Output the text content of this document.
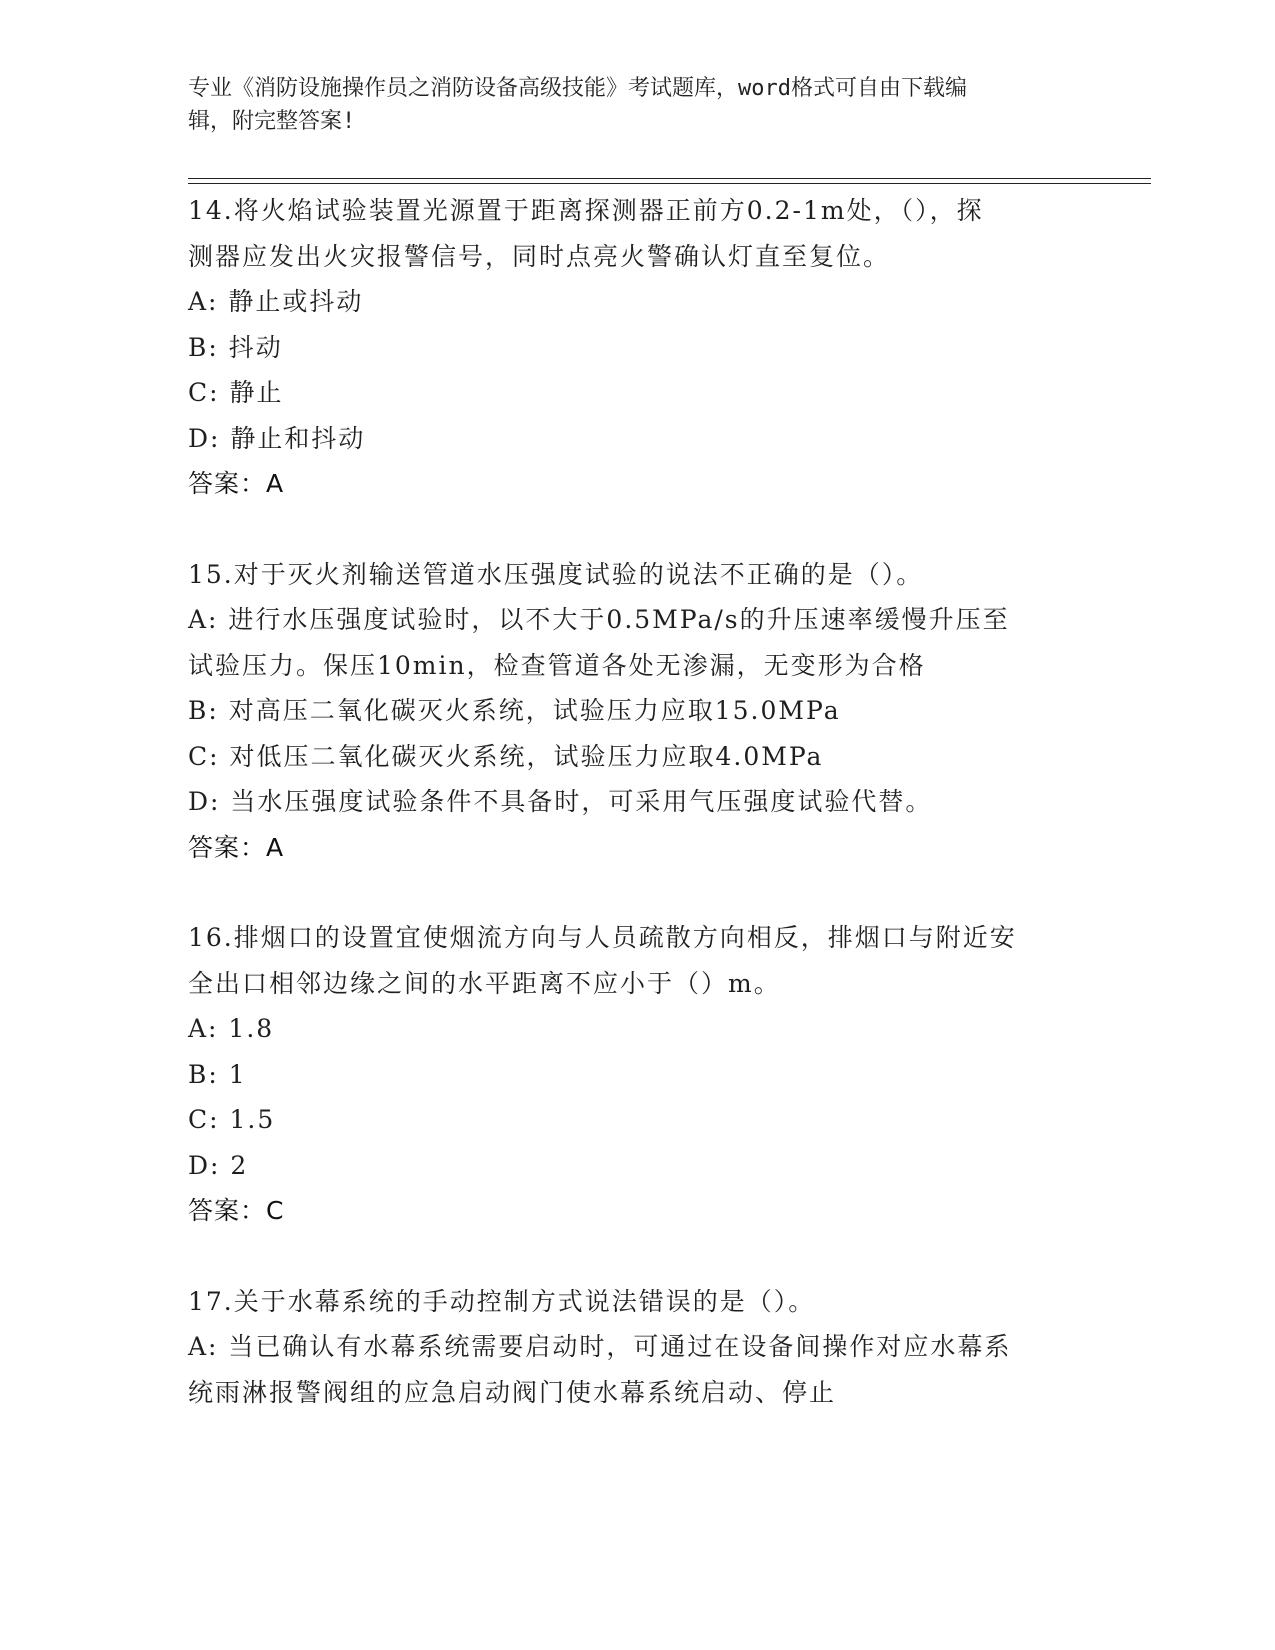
专业《消防设施操作员之消防设备高级技能》考试题库，word格式可自由下载编
辑，附完整答案!
14.将火焰试验装置光源置于距离探测器正前方0.2-1m处，（），探
测器应发出火灾报警信号，同时点亮火警确认灯直至复位。
A: 静止或抖动
B: 抖动
C: 静止
D: 静止和抖动
答案：A
15.对于灭火剂输送管道水压强度试验的说法不正确的是（）。
A: 进行水压强度试验时，以不大于0.5MPa/s的升压速率缓慢升压至
试验压力。保压10min，检查管道各处无渗漏，无变形为合格
B: 对高压二氧化碳灭火系统，试验压力应取15.0MPa
C: 对低压二氧化碳灭火系统，试验压力应取4.0MPa
D: 当水压强度试验条件不具备时，可采用气压强度试验代替。
答案：A
16.排烟口的设置宜使烟流方向与人员疏散方向相反，排烟口与附近安
全出口相邻边缘之间的水平距离不应小于（）m。
A: 1.8
B: 1
C: 1.5
D: 2
答案：C
17.关于水幕系统的手动控制方式说法错误的是（）。
A: 当已确认有水幕系统需要启动时，可通过在设备间操作对应水幕系
统雨淋报警阀组的应急启动阀门使水幕系统启动、停止
